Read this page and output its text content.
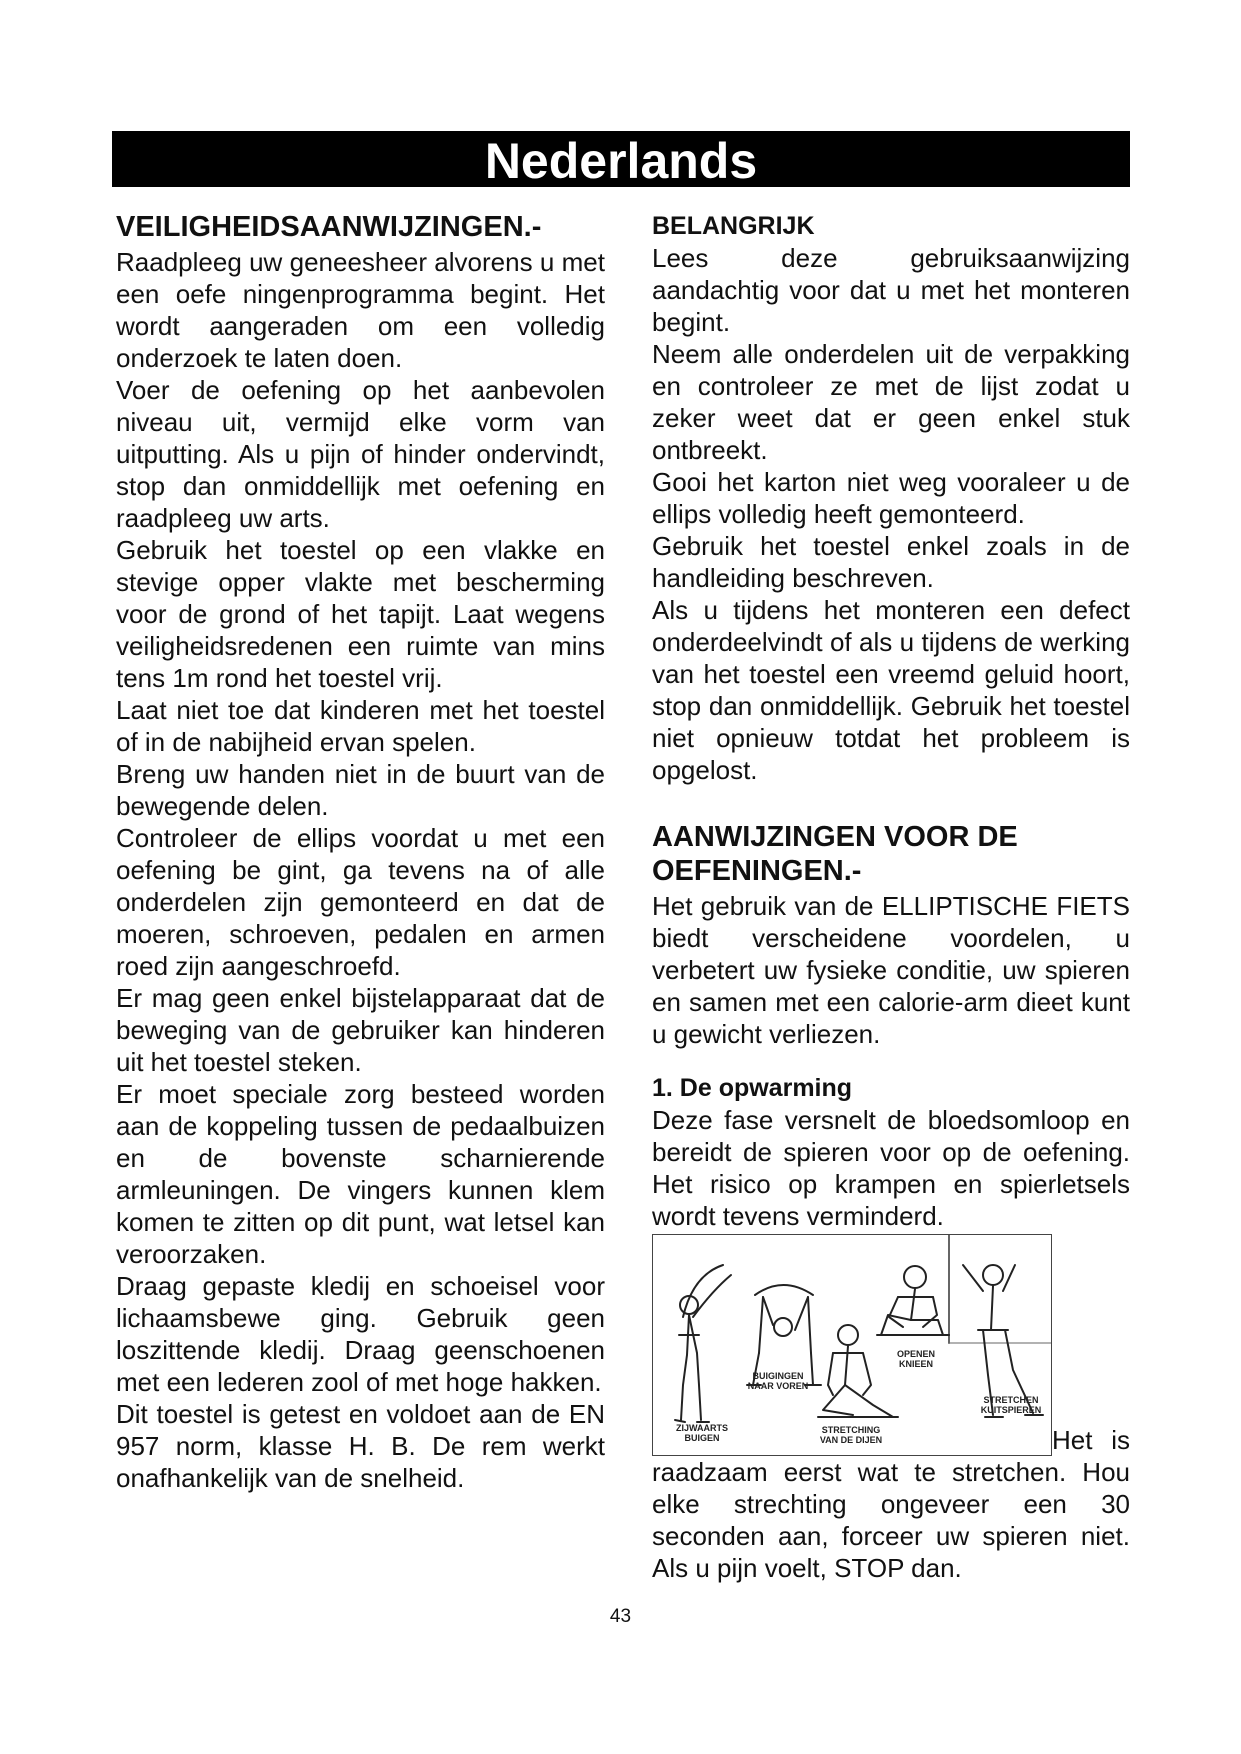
Nederlands
VEILIGHEIDSAANWIJZINGEN.-

Raadpleeg uw geneesheer alvorens u met een oefe ningenprogramma begint. Het wordt aangeraden om een volledig onderzoek te laten doen.

Voer de oefening op het aanbevolen niveau uit, vermijd elke vorm van uitputting. Als u pijn of hinder ondervindt, stop dan onmiddellijk met oefening en raadpleeg uw arts.

Gebruik het toestel op een vlakke en stevige opper vlakte met bescherming voor de grond of het tapijt. Laat wegens veiligheidsredenen een ruimte van mins tens 1m rond het toestel vrij.

Laat niet toe dat kinderen met het toestel of in de nabijheid ervan spelen.

Breng uw handen niet in de buurt van de bewegende delen.

Controleer de ellips voordat u met een oefening be gint, ga tevens na of alle onderdelen zijn gemonteerd en dat de moeren, schroeven, pedalen en armen roed zijn aangeschroefd.

Er mag geen enkel bijstelapparaat dat de beweging van de gebruiker kan hinderen uit het toestel steken.

Er moet speciale zorg besteed worden aan de koppeling tussen de pedaalbuizen en de bovenste scharnierende armleuningen. De vingers kunnen klem komen te zitten op dit punt, wat letsel kan veroorzaken.

Draag gepaste kledij en schoeisel voor lichaamsbewe ging. Gebruik geen loszittende kledij. Draag geenschoenen met een lederen zool of met hoge hakken.

Dit toestel is getest en voldoet aan de EN 957 norm, klasse H. B. De rem werkt onafhankelijk van de snelheid.

BELANGRIJK

Lees deze gebruiksaanwijzing aandachtig voor dat u met het monteren begint.

Neem alle onderdelen uit de verpakking en controleer ze met de lijst zodat u zeker weet dat er geen enkel stuk ontbreekt.

Gooi het karton niet weg vooraleer u de ellips volledig heeft gemonteerd.

Gebruik het toestel enkel zoals in de handleiding beschreven.

Als u tijdens het monteren een defect onderdeelvindt of als u tijdens de werking van het toestel een vreemd geluid hoort, stop dan onmiddellijk. Gebruik het toestel niet opnieuw totdat het probleem is opgelost.

AANWIJZINGEN VOOR DE
OEFENINGEN.-

Het gebruik van de ELLIPTISCHE FIETS biedt verscheidene voordelen, u verbetert uw fysieke conditie, uw spieren en samen met een calorie-arm dieet kunt u gewicht verliezen.

1. De opwarming

Deze fase versnelt de bloedsomloop en bereidt de spieren voor op de oefening. Het risico op krampen en spierletsels wordt tevens verminderd.

ZIJWAARTS
BUIGEN
BUIGINGEN
NAAR VOREN
STRETCHING
VAN DE DIJEN
OPENEN
KNIEEN
STRETCHEN
KUITSPIEREN
Het is

raadzaam eerst wat te stretchen. Hou elke strechting ongeveer een 30 seconden aan, forceer uw spieren niet. Als u pijn voelt, STOP dan.

43
